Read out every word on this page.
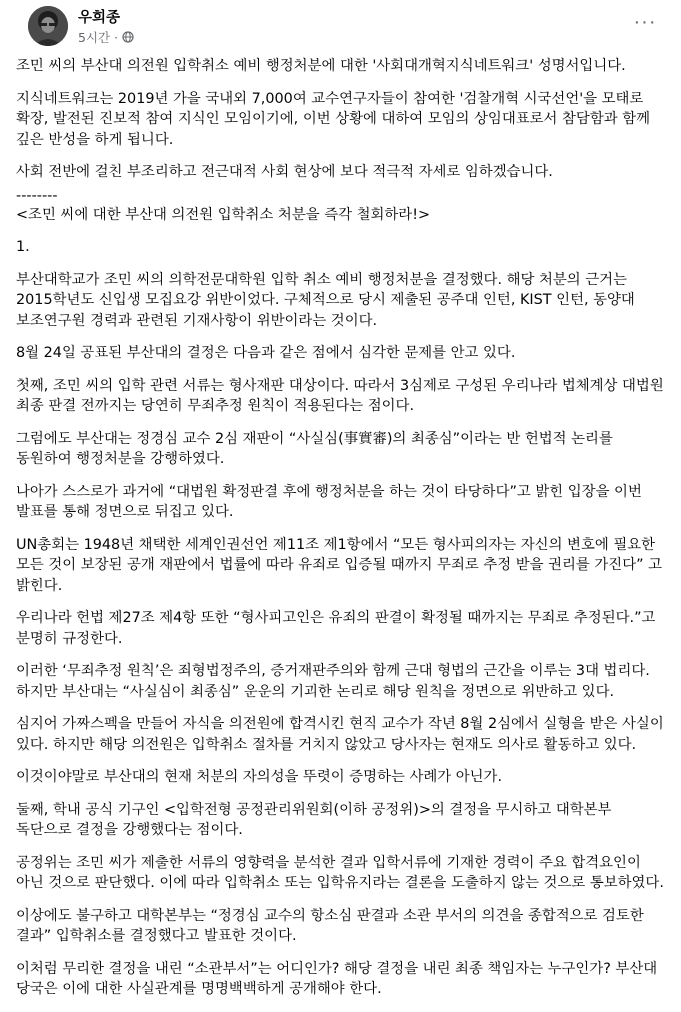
우희종
5시간 ·
···

조민 씨의 부산대 의전원 입학취소 예비 행정처분에 대한 '사회대개혁지식네트워크' 성명서입니다.

지식네트워크는 2019년 가을 국내외 7,000여 교수연구자들이 참여한 '검찰개혁 시국선언'을 모태로 확장, 발전된 진보적 참여 지식인 모임이기에, 이번 상황에 대하여 모임의 상임대표로서 참담함과 함께 깊은 반성을 하게 됩니다.

사회 전반에 걸친 부조리하고 전근대적 사회 현상에 보다 적극적 자세로 임하겠습니다.

--------

<조민 씨에 대한 부산대 의전원 입학취소 처분을 즉각 철회하라!>

1.

부산대학교가 조민 씨의 의학전문대학원 입학 취소 예비 행정처분을 결정했다. 해당 처분의 근거는 2015학년도 신입생 모집요강 위반이었다. 구체적으로 당시 제출된 공주대 인턴, KIST 인턴, 동양대 보조연구원 경력과 관련된 기재사항이 위반이라는 것이다.

8월 24일 공표된 부산대의 결정은 다음과 같은 점에서 심각한 문제를 안고 있다.

첫째, 조민 씨의 입학 관련 서류는 형사재판 대상이다. 따라서 3심제로 구성된 우리나라 법체계상 대법원 최종 판결 전까지는 당연히 무죄추정 원칙이 적용된다는 점이다.

그럼에도 부산대는 정경심 교수 2심 재판이 “사실심(事實審)의 최종심”이라는 반 헌법적 논리를 동원하여 행정처분을 강행하였다.

나아가 스스로가 과거에 “대법원 확정판결 후에 행정처분을 하는 것이 타당하다”고 밝힌 입장을 이번 발표를 통해 정면으로 뒤집고 있다.

UN총회는 1948년 채택한 세계인권선언 제11조 제1항에서 “모든 형사피의자는 자신의 변호에 필요한 모든 것이 보장된 공개 재판에서 법률에 따라 유죄로 입증될 때까지 무죄로 추정 받을 권리를 가진다” 고 밝힌다.

우리나라 헌법 제27조 제4항 또한 “형사피고인은 유죄의 판결이 확정될 때까지는 무죄로 추정된다.”고 분명히 규정한다.

이러한 ‘무죄추정 원칙’은 죄형법정주의, 증거재판주의와 함께 근대 형법의 근간을 이루는 3대 법리다. 하지만 부산대는 “사실심이 최종심” 운운의 기괴한 논리로 해당 원칙을 정면으로 위반하고 있다.

심지어 가짜스펙을 만들어 자식을 의전원에 합격시킨 현직 교수가 작년 8월 2심에서 실형을 받은 사실이 있다. 하지만 해당 의전원은 입학취소 절차를 거치지 않았고 당사자는 현재도 의사로 활동하고 있다.

이것이야말로 부산대의 현재 처분의 자의성을 뚜렷이 증명하는 사례가 아닌가.

둘째, 학내 공식 기구인 <입학전형 공정관리위원회(이하 공정위)>의 결정을 무시하고 대학본부 독단으로 결정을 강행했다는 점이다.

공정위는 조민 씨가 제출한 서류의 영향력을 분석한 결과 입학서류에 기재한 경력이 주요 합격요인이 아닌 것으로 판단했다. 이에 따라 입학취소 또는 입학유지라는 결론을 도출하지 않는 것으로 통보하였다.

이상에도 불구하고 대학본부는 “정경심 교수의 항소심 판결과 소관 부서의 의견을 종합적으로 검토한 결과” 입학취소를 결정했다고 발표한 것이다.

이처럼 무리한 결정을 내린 “소관부서”는 어디인가? 해당 결정을 내린 최종 책임자는 누구인가? 부산대 당국은 이에 대한 사실관계를 명명백백하게 공개해야 한다.
